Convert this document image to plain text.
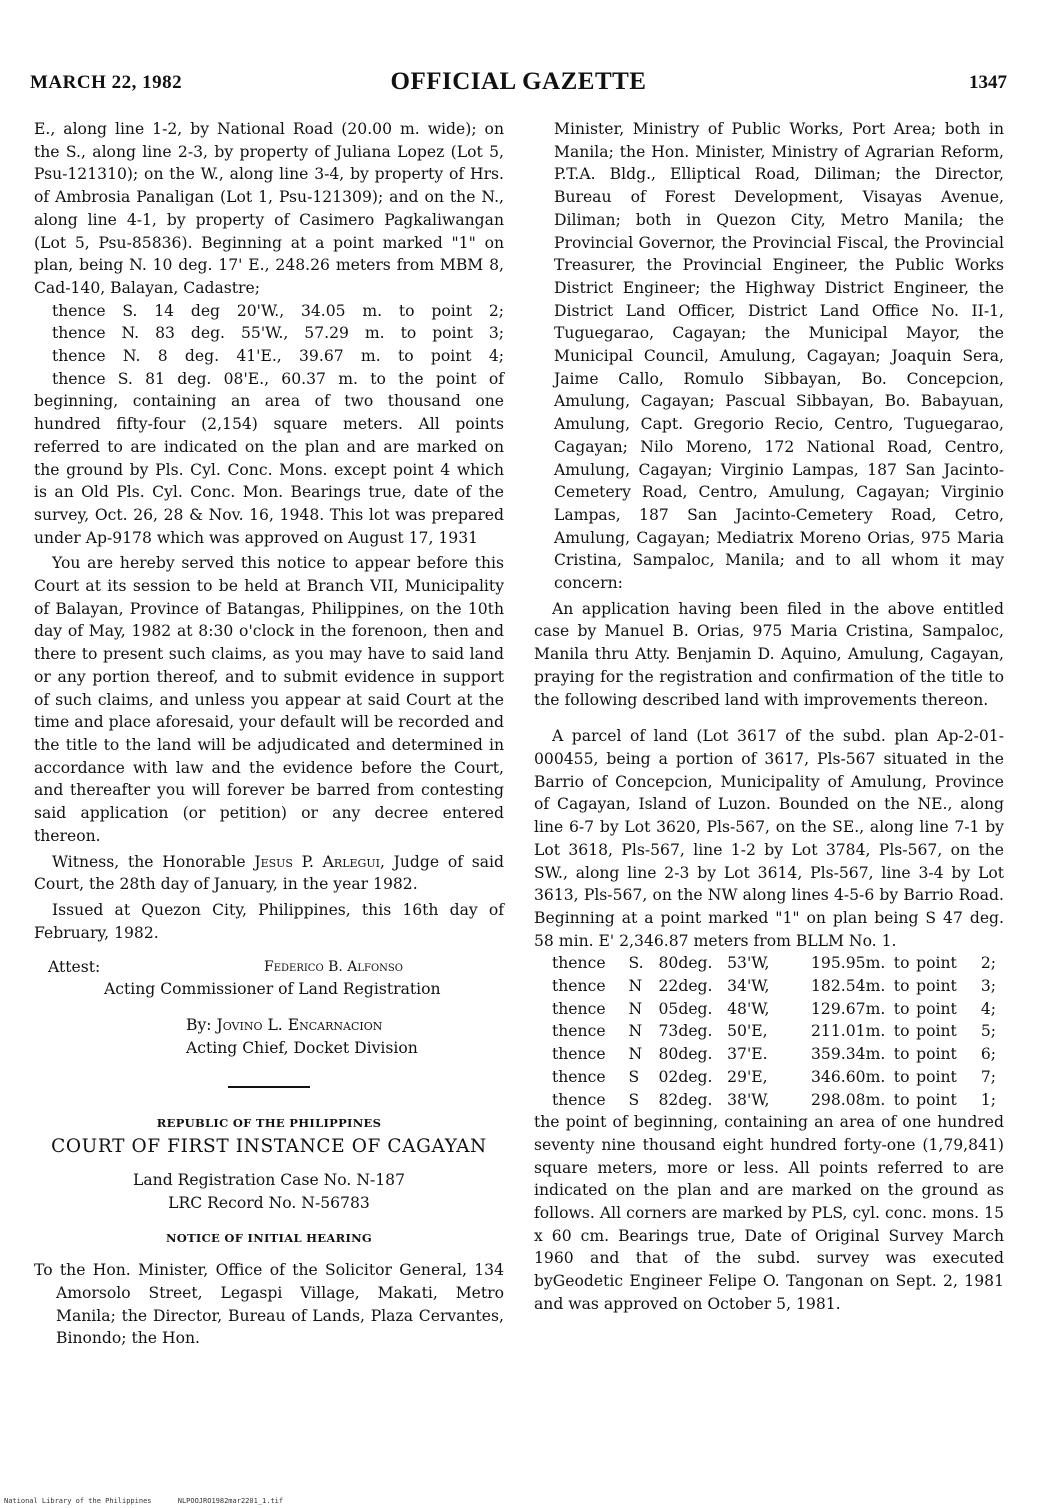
MARCH 22, 1982	OFFICIAL GAZETTE	1347

E., along line 1-2, by National Road (20.00 m. wide); on the S., along line 2-3, by property of Juliana Lopez (Lot 5, Psu-121310); on the W., along line 3-4, by property of Hrs. of Ambrosia Panaligan (Lot 1, Psu-121309); and on the N., along line 4-1, by property of Casimero Pagkaliwangan (Lot 5, Psu-85836). Beginning at a point marked "1" on plan, being N. 10 deg. 17' E., 248.26 meters from MBM 8, Cad-140, Balayan, Cadastre;

thence S. 14 deg 20'W., 34.05 m. to point 2;

thence N. 83 deg. 55'W., 57.29 m. to point 3;

thence N. 8 deg. 41'E., 39.67 m. to point 4;

thence S. 81 deg. 08'E., 60.37 m. to the point of beginning, containing an area of two thousand one hundred fifty-four (2,154) square meters. All points referred to are indicated on the plan and are marked on the ground by Pls. Cyl. Conc. Mons. except point 4 which is an Old Pls. Cyl. Conc. Mon. Bearings true, date of the survey, Oct. 26, 28 & Nov. 16, 1948. This lot was prepared under Ap-9178 which was approved on August 17, 1931

You are hereby served this notice to appear before this Court at its session to be held at Branch VII, Municipality of Balayan, Province of Batangas, Philippines, on the 10th day of May, 1982 at 8:30 o'clock in the forenoon, then and there to present such claims, as you may have to said land or any portion thereof, and to submit evidence in support of such claims, and unless you appear at said Court at the time and place aforesaid, your default will be recorded and the title to the land will be adjudicated and determined in accordance with law and the evidence before the Court, and thereafter you will forever be barred from contesting said application (or petition) or any decree entered thereon.

Witness, the Honorable Jesus P. Arlegui, Judge of said Court, the 28th day of January, in the year 1982.

Issued at Quezon City, Philippines, this 16th day of February, 1982.

Attest:	Federico B. Alfonso
Acting Commissioner of Land Registration
By: Jovino L. Encarnacion
Acting Chief, Docket Division
REPUBLIC OF THE PHILIPPINES
COURT OF FIRST INSTANCE OF CAGAYAN
Land Registration Case No. N-187
LRC Record No. N-56783
NOTICE OF INITIAL HEARING

To the Hon. Minister, Office of the Solicitor General, 134 Amorsolo Street, Legaspi Village, Makati, Metro Manila; the Director, Bureau of Lands, Plaza Cervantes, Binondo; the Hon.

Minister, Ministry of Public Works, Port Area; both in Manila; the Hon. Minister, Ministry of Agrarian Reform, P.T.A. Bldg., Elliptical Road, Diliman; the Director, Bureau of Forest Development, Visayas Avenue, Diliman; both in Quezon City, Metro Manila; the Provincial Governor, the Provincial Fiscal, the Provincial Treasurer, the Provincial Engineer, the Public Works District Engineer; the Highway District Engineer, the District Land Officer, District Land Office No. II-1, Tuguegarao, Cagayan; the Municipal Mayor, the Municipal Council, Amulung, Cagayan; Joaquin Sera, Jaime Callo, Romulo Sibbayan, Bo. Concepcion, Amulung, Cagayan; Pascual Sibbayan, Bo. Babayuan, Amulung, Capt. Gregorio Recio, Centro, Tuguegarao, Cagayan; Nilo Moreno, 172 National Road, Centro, Amulung, Cagayan; Virginio Lampas, 187 San Jacinto-Cemetery Road, Centro, Amulung, Cagayan; Virginio Lampas, 187 San Jacinto-Cemetery Road, Cetro, Amulung, Cagayan; Mediatrix Moreno Orias, 975 Maria Cristina, Sampaloc, Manila; and to all whom it may concern:

An application having been filed in the above entitled case by Manuel B. Orias, 975 Maria Cristina, Sampaloc, Manila thru Atty. Benjamin D. Aquino, Amulung, Cagayan, praying for the registration and confirmation of the title to the following described land with improvements thereon.

A parcel of land (Lot 3617 of the subd. plan Ap-2-01-000455, being a portion of 3617, Pls-567 situated in the Barrio of Concepcion, Municipality of Amulung, Province of Cagayan, Island of Luzon. Bounded on the NE., along line 6-7 by Lot 3620, Pls-567, on the SE., along line 7-1 by Lot 3618, Pls-567, line 1-2 by Lot 3784, Pls-567, on the SW., along line 2-3 by Lot 3614, Pls-567, line 3-4 by Lot 3613, Pls-567, on the NW along lines 4-5-6 by Barrio Road. Beginning at a point marked "1" on plan being S 47 deg. 58 min. E' 2,346.87 meters from BLLM No. 1.

thence	S.	80	deg.	53'W,	195.95	m.	to	point	2;
thence	N	22	deg.	34'W,	182.54	m.	to	point	3;
thence	N	05	deg.	48'W,	129.67	m.	to	point	4;
thence	N	73	deg.	50'E,	211.01	m.	to	point	5;
thence	N	80	deg.	37'E.	359.34	m.	to	point	6;
thence	S	02	deg.	29'E,	346.60	m.	to	point	7;
thence	S	82	deg.	38'W,	298.08	m.	to	point	1;

the point of beginning, containing an area of one hundred seventy nine thousand eight hundred forty-one (1,79,841) square meters, more or less. All points referred to are indicated on the plan and are marked on the ground as follows. All corners are marked by PLS, cyl. conc. mons. 15 x 60 cm. Bearings true, Date of Original Survey March 1960 and that of the subd. survey was executed byGeodetic Engineer Felipe O. Tangonan on Sept. 2, 1981 and was approved on October 5, 1981.

National Library of the Philippines	NLPOOJRO1982mar2201_1.tif
